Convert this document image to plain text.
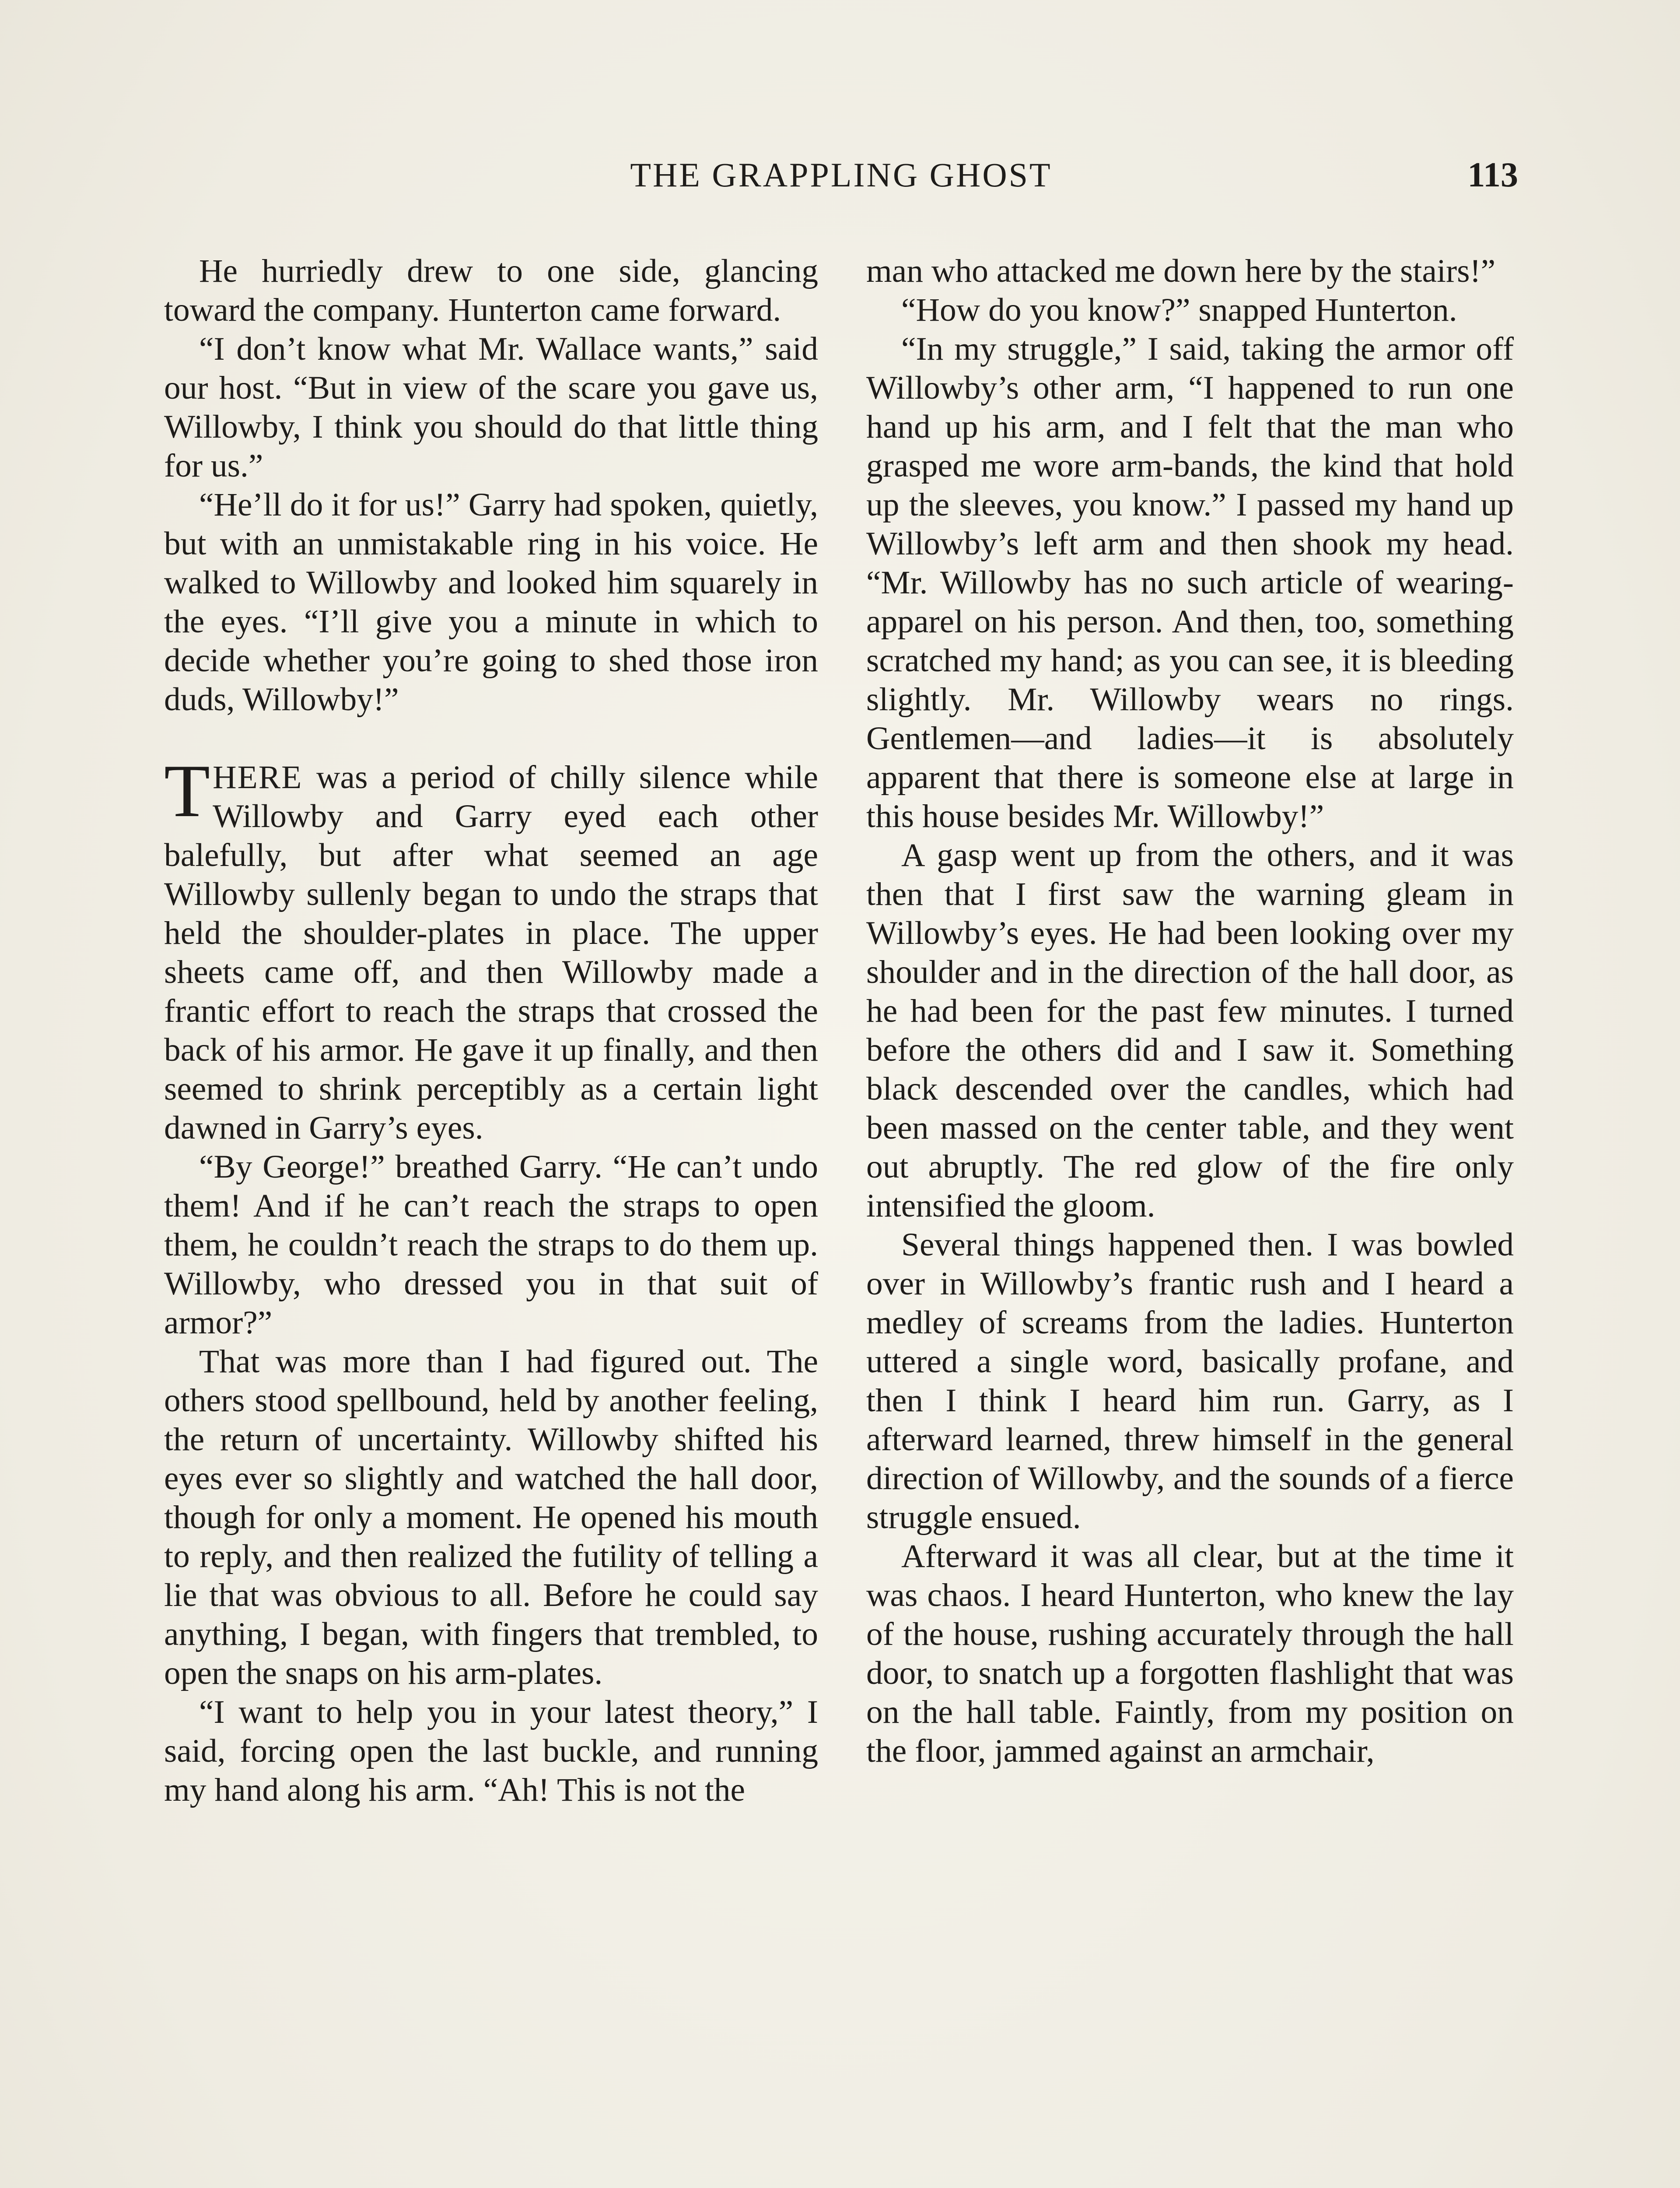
THE GRAPPLING GHOST	113

He hurriedly drew to one side, glancing toward the company. Hunterton came forward.

“I don’t know what Mr. Wallace wants,” said our host. “But in view of the scare you gave us, Willowby, I think you should do that little thing for us.”

“He’ll do it for us!” Garry had spoken, quietly, but with an unmistakable ring in his voice. He walked to Willowby and looked him squarely in the eyes. “I’ll give you a minute in which to decide whether you’re going to shed those iron duds, Willowby!”

THERE was a period of chilly silence while Willowby and Garry eyed each other balefully, but after what seemed an age Willowby sullenly began to undo the straps that held the shoulder-plates in place. The upper sheets came off, and then Willowby made a frantic effort to reach the straps that crossed the back of his armor. He gave it up finally, and then seemed to shrink perceptibly as a certain light dawned in Garry’s eyes.

“By George!” breathed Garry. “He can’t undo them! And if he can’t reach the straps to open them, he couldn’t reach the straps to do them up. Willowby, who dressed you in that suit of armor?”

That was more than I had figured out. The others stood spellbound, held by another feeling, the return of uncertainty. Willowby shifted his eyes ever so slightly and watched the hall door, though for only a moment. He opened his mouth to reply, and then realized the futility of telling a lie that was obvious to all. Before he could say anything, I began, with fingers that trembled, to open the snaps on his arm-plates.

“I want to help you in your latest theory,” I said, forcing open the last buckle, and running my hand along his arm. “Ah! This is not the

man who attacked me down here by the stairs!”

“How do you know?” snapped Hunterton.

“In my struggle,” I said, taking the armor off Willowby’s other arm, “I happened to run one hand up his arm, and I felt that the man who grasped me wore arm-bands, the kind that hold up the sleeves, you know.” I passed my hand up Willowby’s left arm and then shook my head. “Mr. Willowby has no such article of wearing-apparel on his person. And then, too, something scratched my hand; as you can see, it is bleeding slightly. Mr. Willowby wears no rings. Gentlemen—and ladies—it is absolutely apparent that there is someone else at large in this house besides Mr. Willowby!”

A gasp went up from the others, and it was then that I first saw the warning gleam in Willowby’s eyes. He had been looking over my shoulder and in the direction of the hall door, as he had been for the past few minutes. I turned before the others did and I saw it. Something black descended over the candles, which had been massed on the center table, and they went out abruptly. The red glow of the fire only intensified the gloom.

Several things happened then. I was bowled over in Willowby’s frantic rush and I heard a medley of screams from the ladies. Hunterton uttered a single word, basically profane, and then I think I heard him run. Garry, as I afterward learned, threw himself in the general direction of Willowby, and the sounds of a fierce struggle ensued.

Afterward it was all clear, but at the time it was chaos. I heard Hunterton, who knew the lay of the house, rushing accurately through the hall door, to snatch up a forgotten flashlight that was on the hall table. Faintly, from my position on the floor, jammed against an armchair,
